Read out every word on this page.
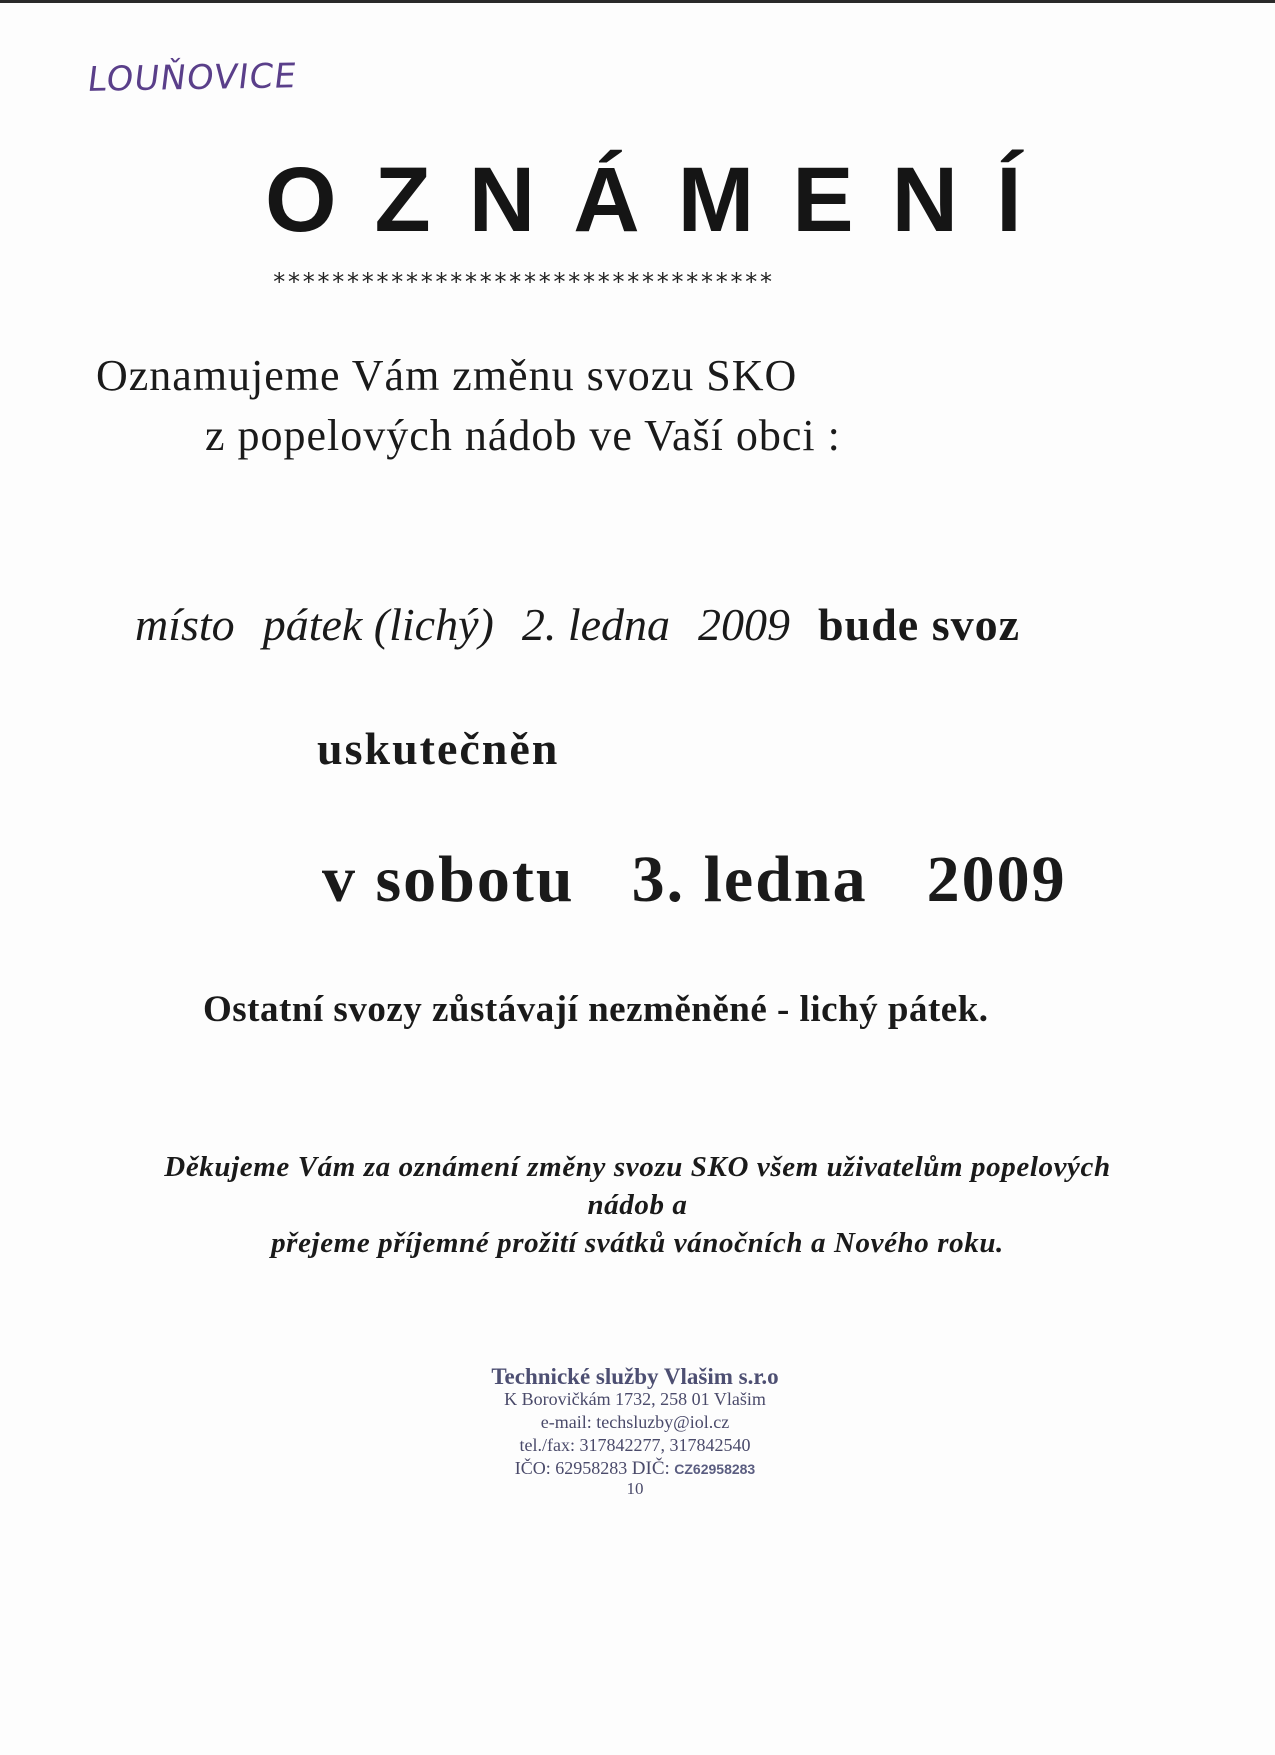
LOUŇOVICE
OZNÁMENÍ
**********************************
Oznamujeme Vám změnu svozu SKO
z popelových nádob ve Vaší obci :
místo pátek (lichý) 2. ledna 2009 bude svoz
uskutečněn
v sobotu 3. ledna 2009
Ostatní svozy zůstávají nezměněné - lichý pátek.
Děkujeme Vám za oznámení změny svozu SKO všem uživatelům popelových
nádob a
přejeme příjemné prožití svátků vánočních a Nového roku.
Technické služby Vlašim s.r.o
K Borovičkám 1732, 258 01 Vlašim
e-mail: techsluzby@iol.cz
tel./fax: 317842277, 317842540
IČO: 62958283 DIČ: CZ62958283
10
